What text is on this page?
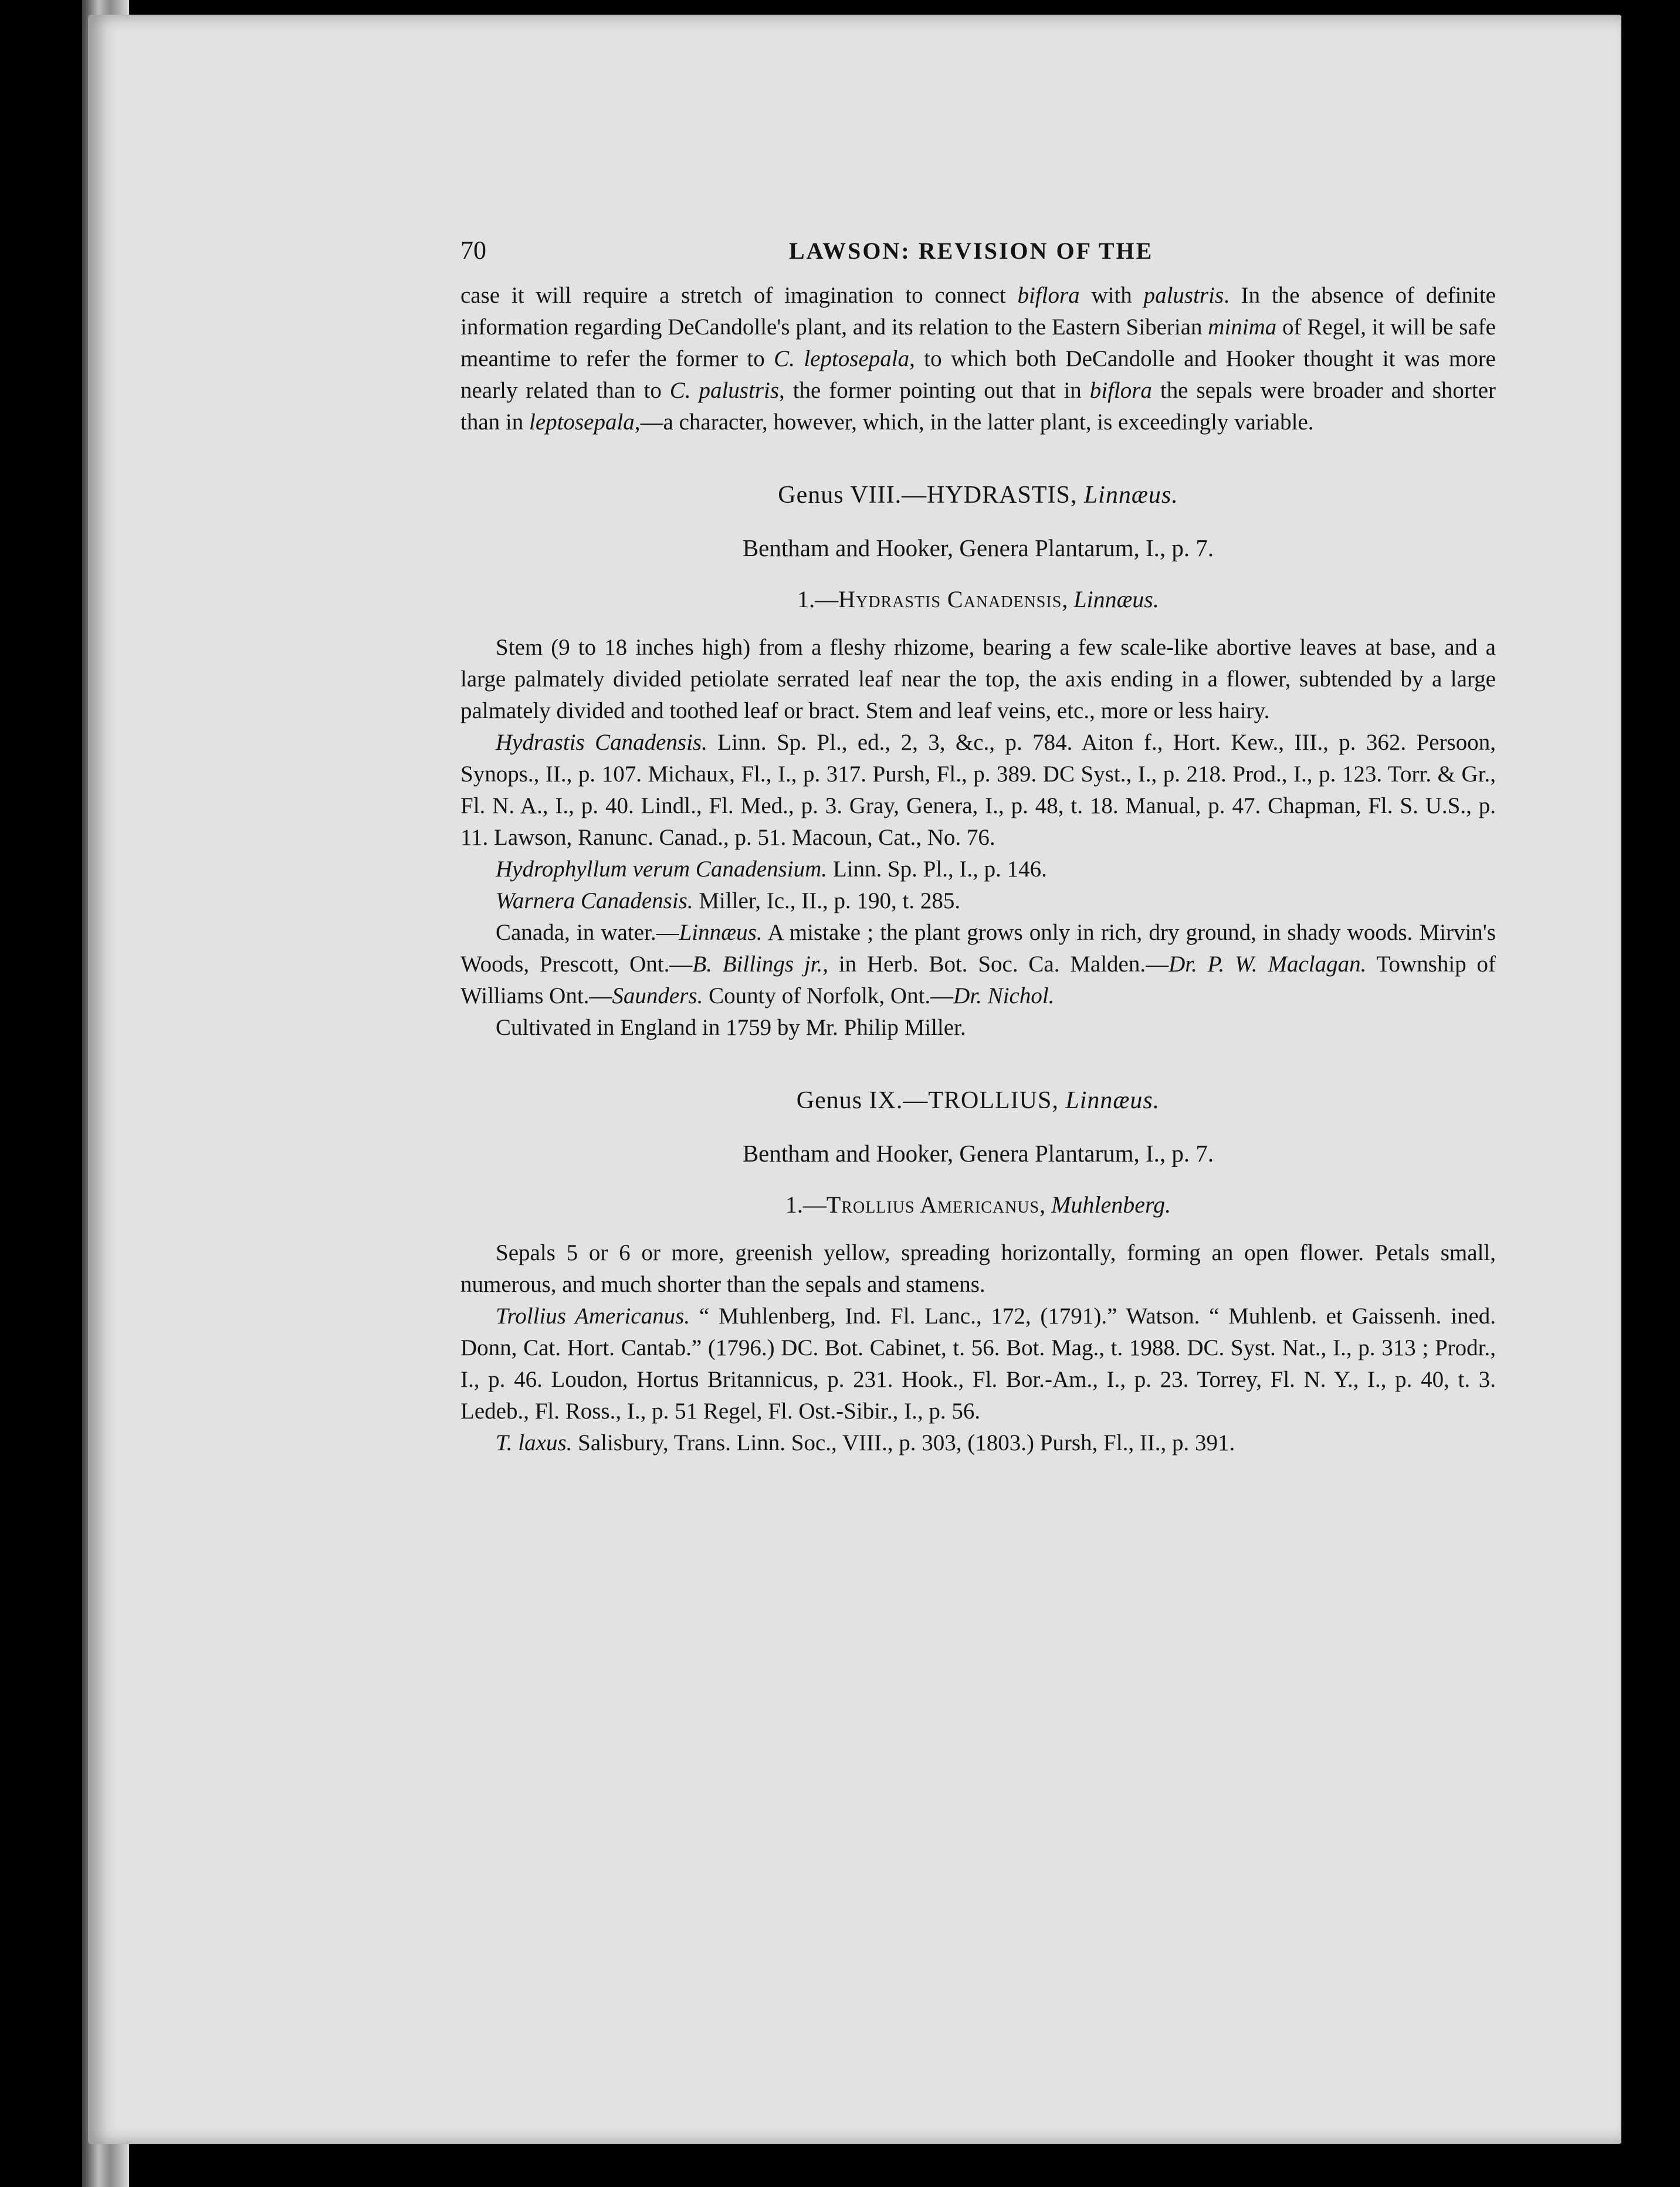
70	LAWSON: REVISION OF THE

case it will require a stretch of imagination to connect biflora with palustris. In the absence of definite information regarding DeCandolle's plant, and its relation to the Eastern Siberian minima of Regel, it will be safe meantime to refer the former to C. leptosepala, to which both DeCandolle and Hooker thought it was more nearly related than to C. palustris, the former pointing out that in biflora the sepals were broader and shorter than in leptosepala,—a character, however, which, in the latter plant, is exceedingly variable.

Genus VIII.—HYDRASTIS, Linnæus.

Bentham and Hooker, Genera Plantarum, I., p. 7.

1.—Hydrastis Canadensis, Linnæus.

Stem (9 to 18 inches high) from a fleshy rhizome, bearing a few scale-like abortive leaves at base, and a large palmately divided petiolate serrated leaf near the top, the axis ending in a flower, subtended by a large palmately divided and toothed leaf or bract. Stem and leaf veins, etc., more or less hairy.

Hydrastis Canadensis. Linn. Sp. Pl., ed., 2, 3, &c., p. 784. Aiton f., Hort. Kew., III., p. 362. Persoon, Synops., II., p. 107. Michaux, Fl., I., p. 317. Pursh, Fl., p. 389. DC Syst., I., p. 218. Prod., I., p. 123. Torr. & Gr., Fl. N. A., I., p. 40. Lindl., Fl. Med., p. 3. Gray, Genera, I., p. 48, t. 18. Manual, p. 47. Chapman, Fl. S. U.S., p. 11. Lawson, Ranunc. Canad., p. 51. Macoun, Cat., No. 76.

Hydrophyllum verum Canadensium. Linn. Sp. Pl., I., p. 146.

Warnera Canadensis. Miller, Ic., II., p. 190, t. 285.

Canada, in water.—Linnæus. A mistake ; the plant grows only in rich, dry ground, in shady woods. Mirvin's Woods, Prescott, Ont.—B. Billings jr., in Herb. Bot. Soc. Ca. Malden.—Dr. P. W. Maclagan. Township of Williams Ont.—Saunders. County of Norfolk, Ont.—Dr. Nichol.

Cultivated in England in 1759 by Mr. Philip Miller.

Genus IX.—TROLLIUS, Linnæus.

Bentham and Hooker, Genera Plantarum, I., p. 7.

1.—Trollius Americanus, Muhlenberg.

Sepals 5 or 6 or more, greenish yellow, spreading horizontally, forming an open flower. Petals small, numerous, and much shorter than the sepals and stamens.

Trollius Americanus. “ Muhlenberg, Ind. Fl. Lanc., 172, (1791).” Watson. “ Muhlenb. et Gaissenh. ined. Donn, Cat. Hort. Cantab.” (1796.) DC. Bot. Cabinet, t. 56. Bot. Mag., t. 1988. DC. Syst. Nat., I., p. 313 ; Prodr., I., p. 46. Loudon, Hortus Britannicus, p. 231. Hook., Fl. Bor.-Am., I., p. 23. Torrey, Fl. N. Y., I., p. 40, t. 3. Ledeb., Fl. Ross., I., p. 51 Regel, Fl. Ost.-Sibir., I., p. 56.

T. laxus. Salisbury, Trans. Linn. Soc., VIII., p. 303, (1803.) Pursh, Fl., II., p. 391.
